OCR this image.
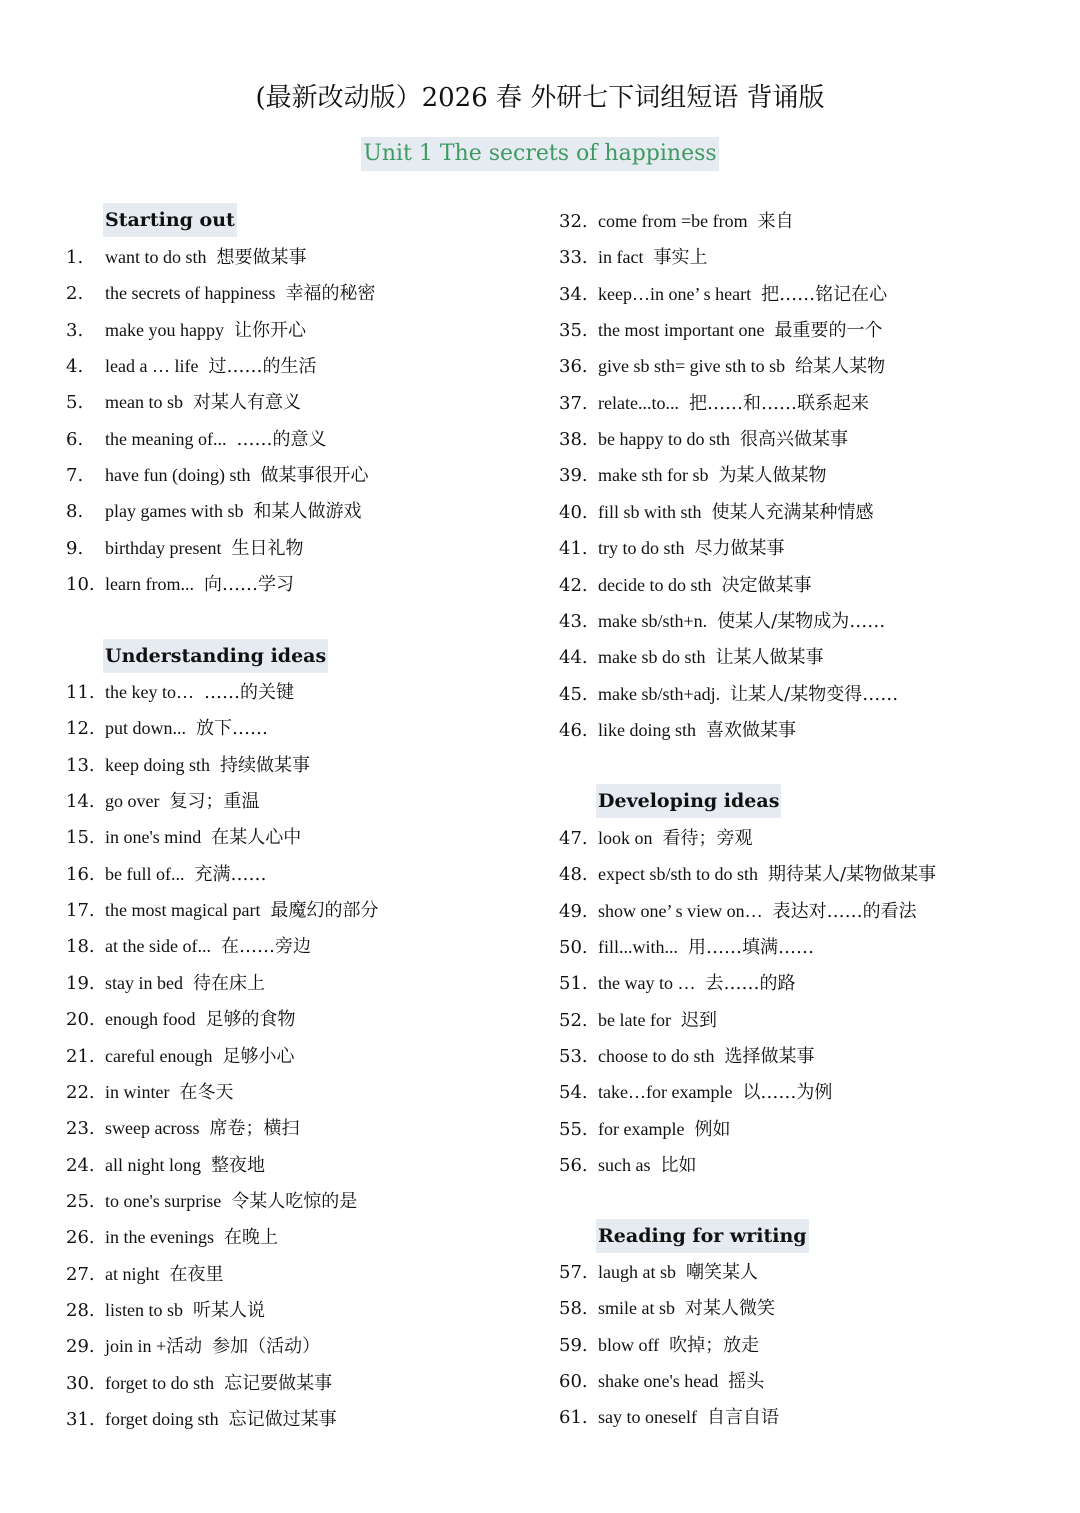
(最新改动版）2026 春 外研七下词组短语 背诵版
Unit 1 The secrets of happiness
Starting out
Understanding ideas
1. want to do sth 想要做某事
2. the secrets of happiness 幸福的秘密
3. make you happy 让你开心
4. lead a … life 过……的生活
5. mean to sb 对某人有意义
6. the meaning of... ……的意义
7. have fun (doing) sth 做某事很开心
8. play games with sb 和某人做游戏
9. birthday present 生日礼物
10. learn from... 向……学习
11. the key to… ……的关键
12. put down... 放下……
13. keep doing sth 持续做某事
14. go over 复习；重温
15. in one's mind 在某人心中
16. be full of... 充满……
17. the most magical part 最魔幻的部分
18. at the side of... 在……旁边
19. stay in bed 待在床上
20. enough food 足够的食物
21. careful enough 足够小心
22. in winter 在冬天
23. sweep across 席卷；横扫
24. all night long 整夜地
25. to one's surprise 令某人吃惊的是
26. in the evenings 在晚上
27. at night 在夜里
28. listen to sb 听某人说
29. join in +活动 参加（活动）
30. forget to do sth 忘记要做某事
31. forget doing sth 忘记做过某事
Developing ideas
Reading for writing
32. come from =be from 来自
33. in fact 事实上
34. keep…in one’ s heart 把……铭记在心
35. the most important one 最重要的一个
36. give sb sth= give sth to sb 给某人某物
37. relate...to... 把……和……联系起来
38. be happy to do sth 很高兴做某事
39. make sth for sb 为某人做某物
40. fill sb with sth 使某人充满某种情感
41. try to do sth 尽力做某事
42. decide to do sth 决定做某事
43. make sb/sth+n. 使某人/某物成为……
44. make sb do sth 让某人做某事
45. make sb/sth+adj. 让某人/某物变得……
46. like doing sth 喜欢做某事
47. look on 看待；旁观
48. expect sb/sth to do sth 期待某人/某物做某事
49. show one’ s view on… 表达对……的看法
50. fill...with... 用……填满……
51. the way to … 去……的路
52. be late for 迟到
53. choose to do sth 选择做某事
54. take…for example 以……为例
55. for example 例如
56. such as 比如
57. laugh at sb 嘲笑某人
58. smile at sb 对某人微笑
59. blow off 吹掉；放走
60. shake one's head 摇头
61. say to oneself 自言自语
